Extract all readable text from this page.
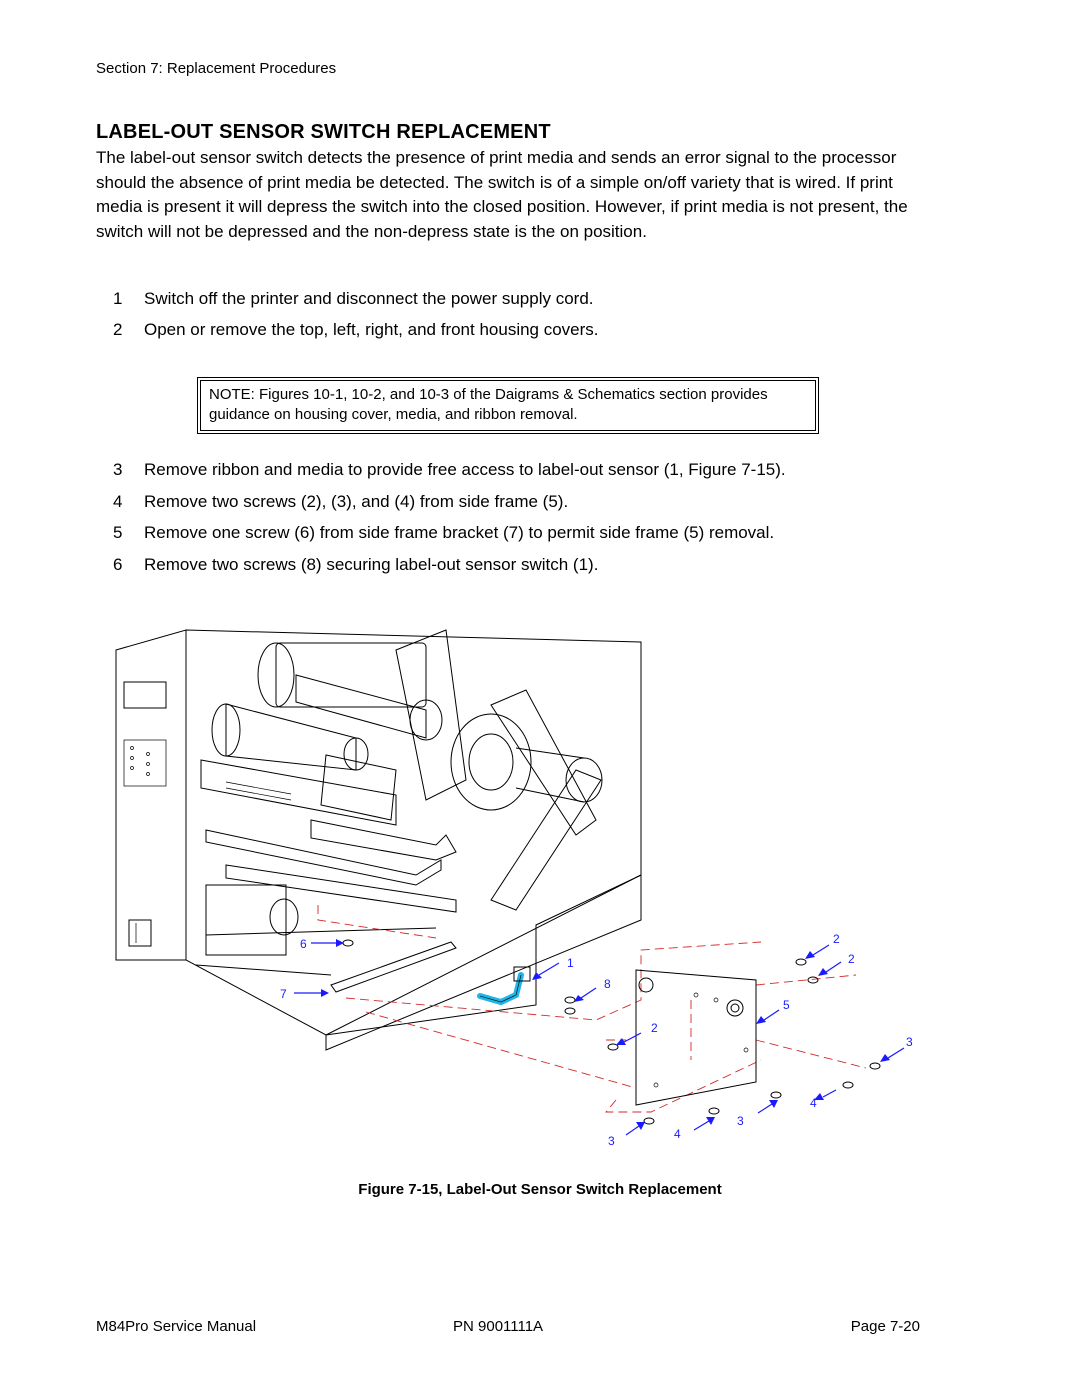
Section 7: Replacement Procedures
LABEL-OUT SENSOR SWITCH REPLACEMENT

The label-out sensor switch detects the presence of print media and sends an error signal to the processor should the absence of print media be detected. The switch is of a simple on/off variety that is wired. If print media is present it will depress the switch into the closed position. However, if print media is not present, the switch will not be depressed and the non-depress state is the on position.

1 Switch off the printer and disconnect the power supply cord.
2 Open or remove the top, left, right, and front housing covers.
NOTE: Figures 10-1, 10-2, and 10-3 of the Daigrams & Schematics section provides guidance on housing cover, media, and ribbon removal.
3 Remove ribbon and media to provide free access to label-out sensor (1, Figure 7-15).
4 Remove two screws (2), (3), and (4) from side frame (5).
5 Remove one screw (6) from side frame bracket (7) to permit side frame (5) removal.
6 Remove two screws (8) securing label-out sensor switch (1).
6
7
1
8
2
2
2
5
3
4
3
4
3
Figure 7-15, Label-Out Sensor Switch Replacement
M84Pro Service Manual	PN 9001111A	Page 7-20
